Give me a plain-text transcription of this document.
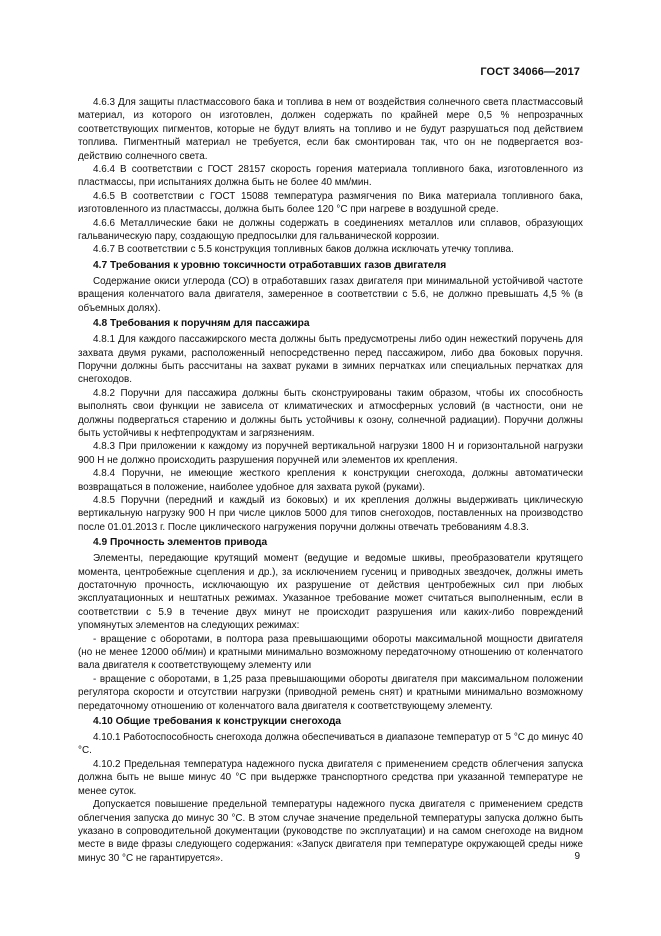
ГОСТ 34066—2017

4.6.3 Для защиты пластмассового бака и топлива в нем от воздействия солнечного света пластмассовый материал, из которого он изготовлен, должен содержать по крайней мере 0,5 % непрозрачных соответствующих пигментов, которые не будут влиять на топливо и не будут разрушаться под действием топлива. Пигментный материал не требуется, если бак смонтирован так, что он не подвергается воздействию солнечного света.

4.6.4 В соответствии с ГОСТ 28157 скорость горения материала топливного бака, изготовленного из пластмассы, при испытаниях должна быть не более 40 мм/мин.

4.6.5 В соответствии с ГОСТ 15088 температура размягчения по Вика материала топливного бака, изготовленного из пластмассы, должна быть более 120 °С при нагреве в воздушной среде.

4.6.6 Металлические баки не должны содержать в соединениях металлов или сплавов, образующих гальваническую пару, создающую предпосылки для гальванической коррозии.

4.6.7 В соответствии с 5.5 конструкция топливных баков должна исключать утечку топлива.

4.7 Требования к уровню токсичности отработавших газов двигателя

Содержание окиси углерода (СО) в отработавших газах двигателя при минимальной устойчивой частоте вращения коленчатого вала двигателя, замеренное в соответствии с 5.6, не должно превышать 4,5 % (в объемных долях).

4.8 Требования к поручням для пассажира

4.8.1 Для каждого пассажирского места должны быть предусмотрены либо один нежесткий поручень для захвата двумя руками, расположенный непосредственно перед пассажиром, либо два боковых поручня. Поручни должны быть рассчитаны на захват руками в зимних перчатках или специальных перчатках для снегоходов.

4.8.2 Поручни для пассажира должны быть сконструированы таким образом, чтобы их способность выполнять свои функции не зависела от климатических и атмосферных условий (в частности, они не должны подвергаться старению и должны быть устойчивы к озону, солнечной радиации). Поручни должны быть устойчивы к нефтепродуктам и загрязнениям.

4.8.3 При приложении к каждому из поручней вертикальной нагрузки 1800 Н и горизонтальной нагрузки 900 Н не должно происходить разрушения поручней или элементов их крепления.

4.8.4 Поручни, не имеющие жесткого крепления к конструкции снегохода, должны автоматически возвращаться в положение, наиболее удобное для захвата рукой (руками).

4.8.5 Поручни (передний и каждый из боковых) и их крепления должны выдерживать циклическую вертикальную нагрузку 900 Н при числе циклов 5000 для типов снегоходов, поставленных на производство после 01.01.2013 г. После циклического нагружения поручни должны отвечать требованиям 4.8.3.

4.9 Прочность элементов привода

Элементы, передающие крутящий момент (ведущие и ведомые шкивы, преобразователи крутящего момента, центробежные сцепления и др.), за исключением гусениц и приводных звездочек, должны иметь достаточную прочность, исключающую их разрушение от действия центробежных сил при любых эксплуатационных и нештатных режимах. Указанное требование может считаться выполненным, если в соответствии с 5.9 в течение двух минут не происходит разрушения или каких-либо повреждений упомянутых элементов на следующих режимах:

- вращение с оборотами, в полтора раза превышающими обороты максимальной мощности двигателя (но не менее 12000 об/мин) и кратными минимально возможному передаточному отношению от коленчатого вала двигателя к соответствующему элементу или

- вращение с оборотами, в 1,25 раза превышающими обороты двигателя при максимальном положении регулятора скорости и отсутствии нагрузки (приводной ремень снят) и кратными минимально возможному передаточному отношению от коленчатого вала двигателя к соответствующему элементу.

4.10 Общие требования к конструкции снегохода

4.10.1 Работоспособность снегохода должна обеспечиваться в диапазоне температур от 5 °С до минус 40 °С.

4.10.2 Предельная температура надежного пуска двигателя с применением средств облегчения запуска должна быть не выше минус 40 °С при выдержке транспортного средства при указанной температуре не менее суток.

Допускается повышение предельной температуры надежного пуска двигателя с применением средств облегчения запуска до минус 30 °С. В этом случае значение предельной температуры запуска должно быть указано в сопроводительной документации (руководстве по эксплуатации) и на самом снегоходе на видном месте в виде фразы следующего содержания: «Запуск двигателя при температуре окружающей среды ниже минус 30 °С не гарантируется».	9
